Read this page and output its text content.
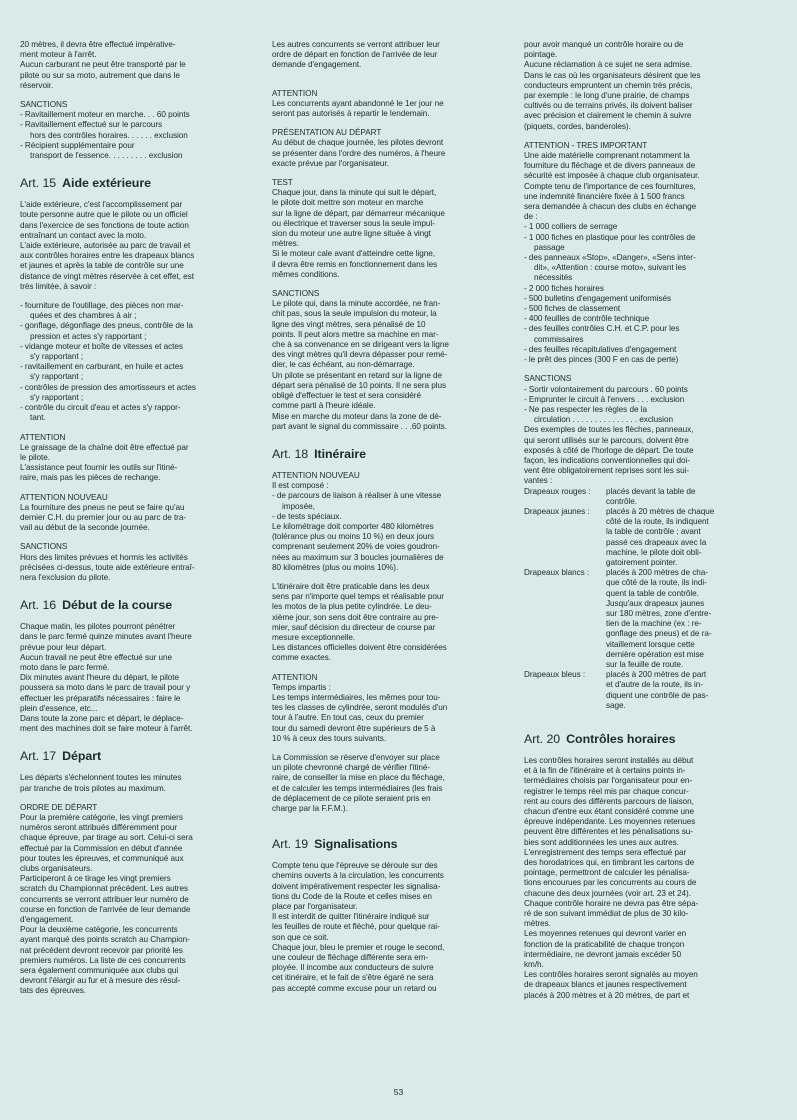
20 mètres, il devra être effectué impérative-
ment moteur à l'arrêt.
Aucun carburant ne peut être transporté par le
pilote ou sur sa moto, autrement que dans le
réservoir.

SANCTIONS

- Ravitaillement moteur en marche. . . 60 points
- Ravitaillement effectué sur le parcours
hors des contrôles horaires. . . . . . exclusion
- Récipient supplémentaire pour
transport de l'essence. . . . . . . . . exclusion
Art. 15 Aide extérieure
L'aide extérieure, c'est l'accomplissement par
toute personne autre que le pilote ou un officiel
dans l'exercice de ses fonctions de toute action
entraînant un contact avec la moto.
L'aide extérieure, autorisée au parc de travail et
aux contrôles horaires entre les drapeaux blancs
et jaunes et après la table de contrôle sur une
distance de vingt mètres réservée à cet effet, est
très limitée, à savoir :
- fourniture de l'outillage, des pièces non mar-
quées et des chambres à air ;
- gonflage, dégonflage des pneus, contrôle de la
pression et actes s'y rapportant ;
- vidange moteur et boîte de vitesses et actes
s'y rapportant ;
- ravitaillement en carburant, en huile et actes
s'y rapportant ;
- contrôles de pression des amortisseurs et actes
s'y rapportant ;
- contrôle du circuit d'eau et actes s'y rappor-
tant.

ATTENTION

Le graissage de la chaîne doit être effectué par
le pilote.
L'assistance peut fournir les outils sur l'itiné-
raire, mais pas les pièces de rechange.

ATTENTION NOUVEAU

La fourniture des pneus ne peut se faire qu'au
dernier C.H. du premier jour ou au parc de tra-
vail au début de la seconde journée.

SANCTIONS

Hors des limites prévues et hormis les activités
précisées ci-dessus, toute aide extérieure entraî-
nera l'exclusion du pilote.
Art. 16 Début de la course
Chaque matin, les pilotes pourront pénétrer
dans le parc fermé quinze minutes avant l'heure
prévue pour leur départ.
Aucun travail ne peut être effectué sur une
moto dans le parc fermé.
Dix minutes avant l'heure du départ, le pilote
poussera sa moto dans le parc de travail pour y
effectuer les préparatifs nécessaires : faire le
plein d'essence, etc...
Dans toute la zone parc et départ, le déplace-
ment des machines doit se faire moteur à l'arrêt.
Art. 17 Départ
Les départs s'échelonnent toutes les minutes
par tranche de trois pilotes au maximum.

ORDRE DE DÉPART

Pour la première catégorie, les vingt premiers
numéros seront attribués différemment pour
chaque épreuve, par tirage au sort. Celui-ci sera
effectué par la Commission en début d'année
pour toutes les épreuves, et communiqué aux
clubs organisateurs.
Participeront à ce tirage les vingt premiers
scratch du Championnat précédent. Les autres
concurrents se verront attribuer leur numéro de
course en fonction de l'arrivée de leur demande
d'engagement.
Pour la deuxième catégorie, les concurrents
ayant marqué des points scratch au Champion-
nat précédent devront recevoir par priorité les
premiers numéros. La liste de ces concurrents
sera également communiquée aux clubs qui
devront l'élargir au fur et à mesure des résul-
tats des épreuves.
Les autres concurrents se verront attribuer leur
ordre de départ en fonction de l'arrivée de leur
demande d'engagement.

ATTENTION

Les concurrents ayant abandonné le 1er jour ne
seront pas autorisés à repartir le lendemain.

PRÉSENTATION AU DÉPART

Au début de chaque journée, les pilotes devront
se présenter dans l'ordre des numéros, à l'heure
exacte prévue par l'organisateur.

TEST

Chaque jour, dans la minute qui suit le départ,
le pilote doit mettre son moteur en marche
sur la ligne de départ, par démarreur mécanique
ou électrique et traverser sous la seule impul-
sion du moteur une autre ligne située à vingt
mètres.
Si le moteur cale avant d'atteindre cette ligne,
il devra être remis en fonctionnement dans les
mêmes conditions.

SANCTIONS

Le pilote qui, dans la minute accordée, ne fran-
chit pas, sous la seule impulsion du moteur, la
ligne des vingt mètres, sera pénalisé de 10
points. Il peut alors mettre sa machine en mar-
che à sa convenance en se dirigeant vers la ligne
des vingt mètres qu'il devra dépasser pour remé-
dier, le cas échéant, au non-démarrage.
Un pilote se présentant en retard sur la ligne de
départ sera pénalisé de 10 points. Il ne sera plus
obligé d'effectuer le test et sera considéré
comme parti à l'heure idéale.
Mise en marche du moteur dans la zone de dé-
part avant le signal du commissaire . . .60 points.
Art. 18 Itinéraire

ATTENTION NOUVEAU

Il est composé :
- de parcours de liaison à réaliser à une vitesse
imposée,
- de tests spéciaux.
Le kilométrage doit comporter 480 kilomètres
(tolérance plus ou moins 10 %) en deux jours
comprenant seulement 20% de voies goudron-
nées au maximum sur 3 boucles journalières de
80 kilomètres (plus ou moins 10%).
L'itinéraire doit être praticable dans les deux
sens par n'importe quel temps et réalisable pour
les motos de la plus petite cylindrée. Le deu-
xième jour, son sens doit être contraire au pre-
mier, sauf décision du directeur de course par
mesure exceptionnelle.
Les distances officielles doivent être considérées
comme exactes.

ATTENTION

Temps impartis :
Les temps intermédiaires, les mêmes pour tou-
tes les classes de cylindrée, seront modulés d'un
tour à l'autre. En tout cas, ceux du premier
tour du samedi devront être supérieurs de 5 à
10 % à ceux des tours suivants.
La Commission se réserve d'envoyer sur place
un pilote chevronné chargé de vérifier l'itiné-
raire, de conseiller la mise en place du fléchage,
et de calculer les temps intermédiaires (les frais
de déplacement de ce pilote seraient pris en
charge par la F.F.M.).
Art. 19 Signalisations
Compte tenu que l'épreuve se déroule sur des
chemins ouverts à la circulation, les concurrents
doivent impérativement respecter les signalisa-
tions du Code de la Route et celles mises en
place par l'organisateur.
Il est interdit de quitter l'itinéraire indiqué sur
les feuilles de route et fléché, pour quelque rai-
son que ce soit.
Chaque jour, bleu le premier et rouge le second,
une couleur de fléchage différente sera em-
ployée. Il incombe aux conducteurs de suivre
cet itinéraire, et le fait de s'être égaré ne sera
pas accepté comme excuse pour un retard ou
pour avoir manqué un contrôle horaire ou de
pointage.
Aucune réclamation à ce sujet ne sera admise.
Dans le cas où les organisateurs désirent que les
conducteurs empruntent un chemin très précis,
par exemple : le long d'une prairie, de champs
cultivés ou de terrains privés, ils doivent baliser
avec précision et clairement le chemin à suivre
(piquets, cordes, banderoles).

ATTENTION - TRES IMPORTANT

Une aide matérielle comprenant notamment la
fourniture du fléchage et de divers panneaux de
sécurité est imposée à chaque club organisateur.
Compte tenu de l'importance de ces fournitures,
une indemnité financière fixée à 1 500 francs
sera demandée à chacun des clubs en échange
de :
- 1 000 colliers de serrage
- 1 000 fiches en plastique pour les contrôles de
passage
- des panneaux «Stop», «Danger», «Sens inter-
dit», «Attention : course moto», suivant les
nécessités
- 2 000 fiches horaires
- 500 bulletins d'engagement uniformisés
- 500 fiches de classement
- 400 feuilles de contrôle technique
- des feuilles contrôles C.H. et C.P. pour les
commissaires
- des feuilles récapitulatives d'engagement
- le prêt des pinces (300 F en cas de perte)

SANCTIONS

- Sortir volontairement du parcours . 60 points
- Emprunter le circuit à l'envers . . . exclusion
- Ne pas respecter les règles de la
circulation . . . . . . . . . . . . . . . exclusion
Des exemples de toutes les flèches, panneaux,
qui seront utilisés sur le parcours, doivent être
exposés à côté de l'horloge de départ. De toute
façon, les indications conventionnelles qui doi-
vent être obligatoirement reprises sont les sui-
vantes :
Drapeaux rouges :	placés devant la table de
contrôle.
Drapeaux jaunes :	placés à 20 mètres de chaque
côté de la route, ils indiquent
la table de contrôle ; avant
passé ces drapeaux avec la
machine, le pilote doit obli-
gatoirement pointer.
Drapeaux blancs :	placés à 200 mètres de cha-
que côté de la route, ils indi-
quent la table de contrôle.
Jusqu'aux drapeaux jaunes
sur 180 mètres, zone d'entre-
tien de la machine (ex : re-
gonflage des pneus) et de ra-
vitaillement lorsque cette
dernière opération est mise
sur la feuille de route.
Drapeaux bleus :	placés à 200 mètres de part
et d'autre de la route, ils in-
diquent une contrôle de pas-
sage.
Art. 20 Contrôles horaires
Les contrôles horaires seront installés au début
et à la fin de l'itinéraire et à certains points in-
termédiaires choisis par l'organisateur pour en-
registrer le temps réel mis par chaque concur-
rent au cours des différents parcours de liaison,
chacun d'entre eux étant considéré comme une
épreuve indépendante. Les moyennes retenues
peuvent être différentes et les pénalisations su-
bies sont additionnées les unes aux autres.
L'enregistrement des temps sera effectué par
des horodatrices qui, en timbrant les cartons de
pointage, permettront de calculer les pénalisa-
tions encourues par les concurrents au cours de
chacune des deux journées (voir art. 23 et 24).
Chaque contrôle horaire ne devra pas être sépa-
ré de son suivant immédiat de plus de 30 kilo-
mètres.
Les moyennes retenues qui devront varier en
fonction de la praticabilité de chaque tronçon
intermédiaire, ne devront jamais excéder 50
km/h.
Les contrôles horaires seront signalés au moyen
de drapeaux blancs et jaunes respectivement
placés à 200 mètres et à 20 mètres, de part et
53
